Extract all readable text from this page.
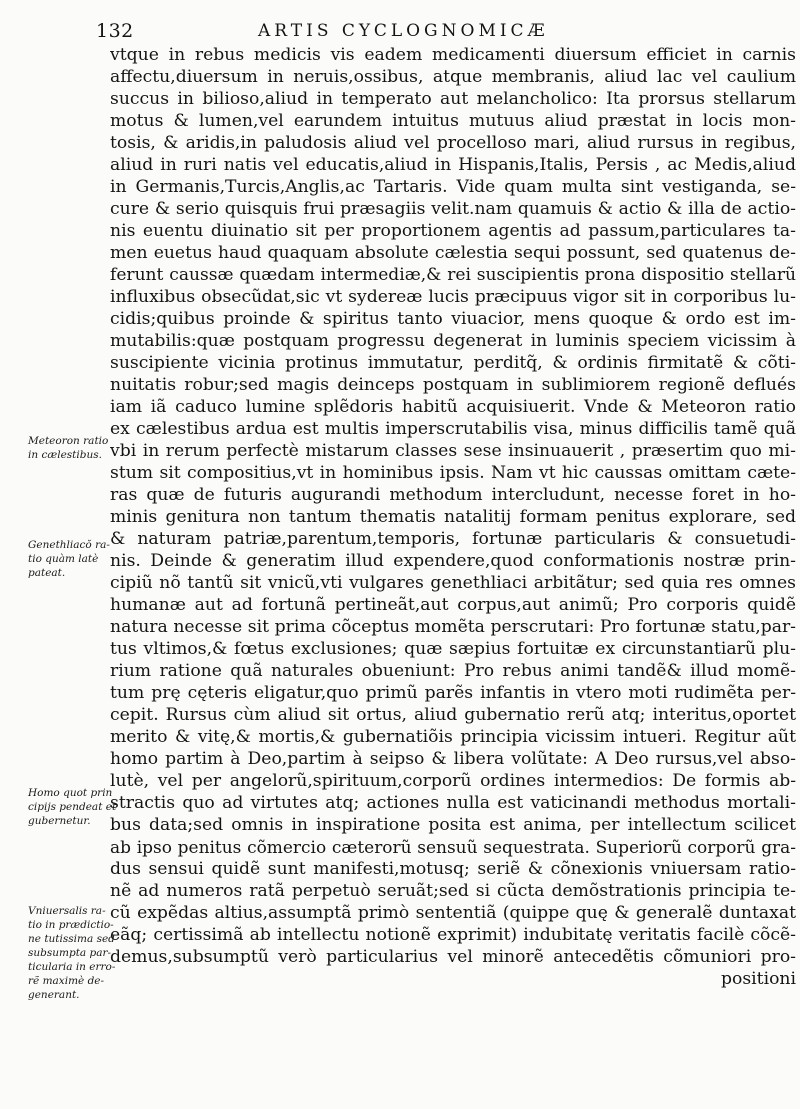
132	ARTIS CYCLOGNOMICÆ
vtque in rebus medicis vis eadem medicamenti diuersum efficiet in carnis
affectu,diuersum in neruis,ossibus, atque membranis, aliud lac vel caulium
succus in bilioso,aliud in temperato aut melancholico: Ita prorsus stellarum
motus & lumen,vel earundem intuitus mutuus aliud præstat in locis mon-
tosis, & aridis,in paludosis aliud vel procelloso mari, aliud rursus in regibus,
aliud in ruri natis vel educatis,aliud in Hispanis,Italis, Persis , ac Medis,aliud
in Germanis,Turcis,Anglis,ac Tartaris. Vide quam multa sint vestiganda, se-
cure & serio quisquis frui præsagiis velit.nam quamuis & actio & illa de actio-
nis euentu diuinatio sit per proportionem agentis ad passum,particulares ta-
men euetus haud quaquam absolute cælestia sequi possunt, sed quatenus de-
ferunt caussæ quædam intermediæ,& rei suscipientis prona dispositio stellarũ
influxibus obsecũdat,sic vt sydereæ lucis præcipuus vigor sit in corporibus lu-
cidis;quibus proinde & spiritus tanto viuacior, mens quoque & ordo est im-
mutabilis:quæ postquam progressu degenerat in luminis speciem vicissim à
suscipiente vicinia protinus immutatur, perditq̃, & ordinis firmitatẽ & cõti-
nuitatis robur;sed magis deinceps postquam in sublimiorem regionẽ deflués
iam iã caduco lumine splẽdoris habitũ acquisiuerit. Vnde & Meteoron ratio
ex cælestibus ardua est multis imperscrutabilis visa, minus difficilis tamẽ quã
vbi in rerum perfectè mistarum classes sese insinuauerit , præsertim quo mi-
stum sit compositius,vt in hominibus ipsis. Nam vt hic caussas omittam cæte-
ras quæ de futuris augurandi methodum intercludunt, necesse foret in ho-
minis genitura non tantum thematis natalitij formam penitus explorare, sed
& naturam patriæ,parentum,temporis, fortunæ particularis & consuetudi-
nis. Deinde & generatim illud expendere,quod conformationis nostræ prin-
cipiũ nõ tantũ sit vnicũ,vti vulgares genethliaci arbitãtur; sed quia res omnes
humanæ aut ad fortunã pertineãt,aut corpus,aut animũ; Pro corporis quidẽ
natura necesse sit prima cõceptus momẽta perscrutari: Pro fortunæ statu,par-
tus vltimos,& fœtus exclusiones; quæ sæpius fortuitæ ex circunstantiarũ plu-
rium ratione quã naturales obueniunt: Pro rebus animi tandẽ& illud momẽ-
tum prę cęteris eligatur,quo primũ parẽs infantis in vtero moti rudimẽta per-
cepit. Rursus cùm aliud sit ortus, aliud gubernatio rerũ atq; interitus,oportet
merito & vitę,& mortis,& gubernatiõis principia vicissim intueri. Regitur aũt
homo partim à Deo,partim à seipso & libera volũtate: A Deo rursus,vel abso-
lutè, vel per angelorũ,spirituum,corporũ ordines intermedios: De formis ab-
stractis quo ad virtutes atq; actiones nulla est vaticinandi methodus mortali-
bus data;sed omnis in inspiratione posita est anima, per intellectum scilicet
ab ipso penitus cõmercio cæterorũ sensuũ sequestrata. Superiorũ corporũ gra-
dus sensui quidẽ sunt manifesti,motusq; seriẽ & cõnexionis vniuersam ratio-
nẽ ad numeros ratã perpetuò seruãt;sed si cũcta demõstrationis principia te-
cũ expẽdas altius,assumptã primò sententiã (quippe quę & generalẽ duntaxat
eãq; certissimã ab intellectu notionẽ exprimit) indubitatę veritatis facilè cõcẽ-
demus,subsumptũ verò particularius vel minorẽ antecedẽtis cõmuniori pro-
positioni
Meteoron ratio
in cælestibus.
Genethliacŏ ra-
tio quàm latè
pateat.
Homo quot prin
cipijs pendeat et
gubernetur.
Vniuersalis ra-
tio in prædictio-
ne tutissima sed
subsumpta par-
ticularia in erro-
rẽ maximè de-
generant.
